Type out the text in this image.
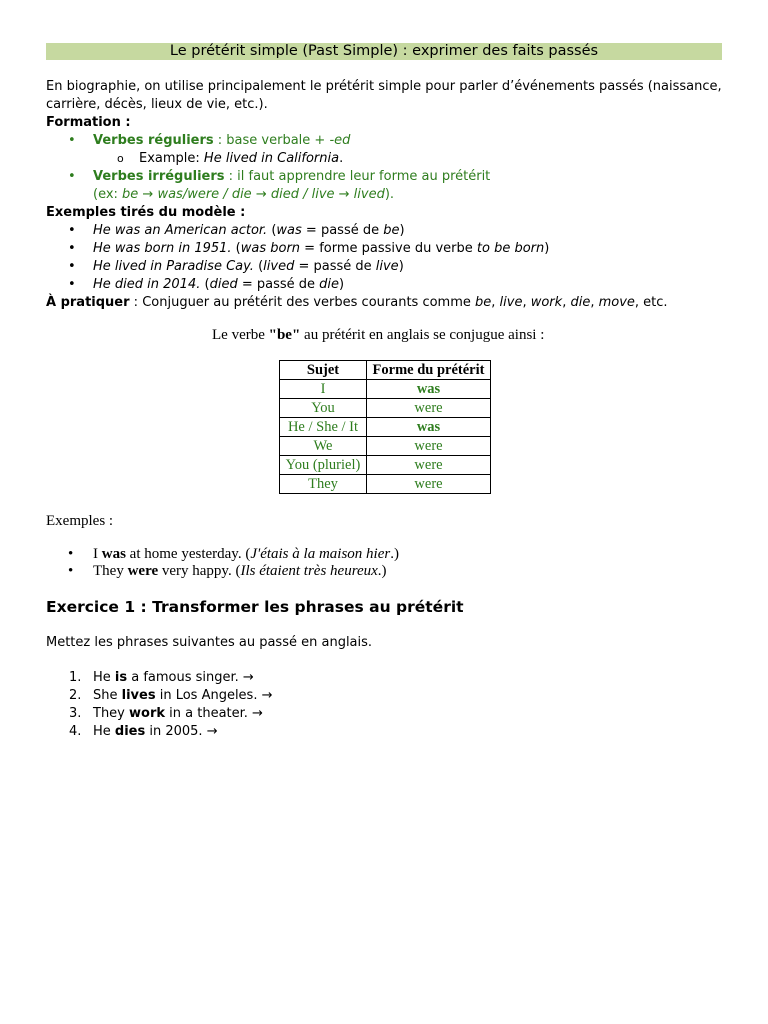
Le prétérit simple (Past Simple) : exprimer des faits passés
En biographie, on utilise principalement le prétérit simple pour parler d’événements passés (naissance,
carrière, décès, lieux de vie, etc.).
Formation :
• Verbes réguliers : base verbale + -ed
o Example: He lived in California.
• Verbes irréguliers : il faut apprendre leur forme au prétérit
(ex: be → was/were / die → died / live → lived).
Exemples tirés du modèle :
• He was an American actor. (was = passé de be)
• He was born in 1951. (was born = forme passive du verbe to be born)
• He lived in Paradise Cay. (lived = passé de live)
• He died in 2014. (died = passé de die)
À pratiquer : Conjuguer au prétérit des verbes courants comme be, live, work, die, move, etc.
Le verbe "be" au prétérit en anglais se conjugue ainsi :
Sujet	Forme du prétérit
I	was
You	were
He / She / It	was
We	were
You (pluriel)	were
They	were
Exemples :
• I was at home yesterday. (J'étais à la maison hier.)
• They were very happy. (Ils étaient très heureux.)
Exercice 1 : Transformer les phrases au prétérit
Mettez les phrases suivantes au passé en anglais.
1. He is a famous singer. →
2. She lives in Los Angeles. →
3. They work in a theater. →
4. He dies in 2005. →
